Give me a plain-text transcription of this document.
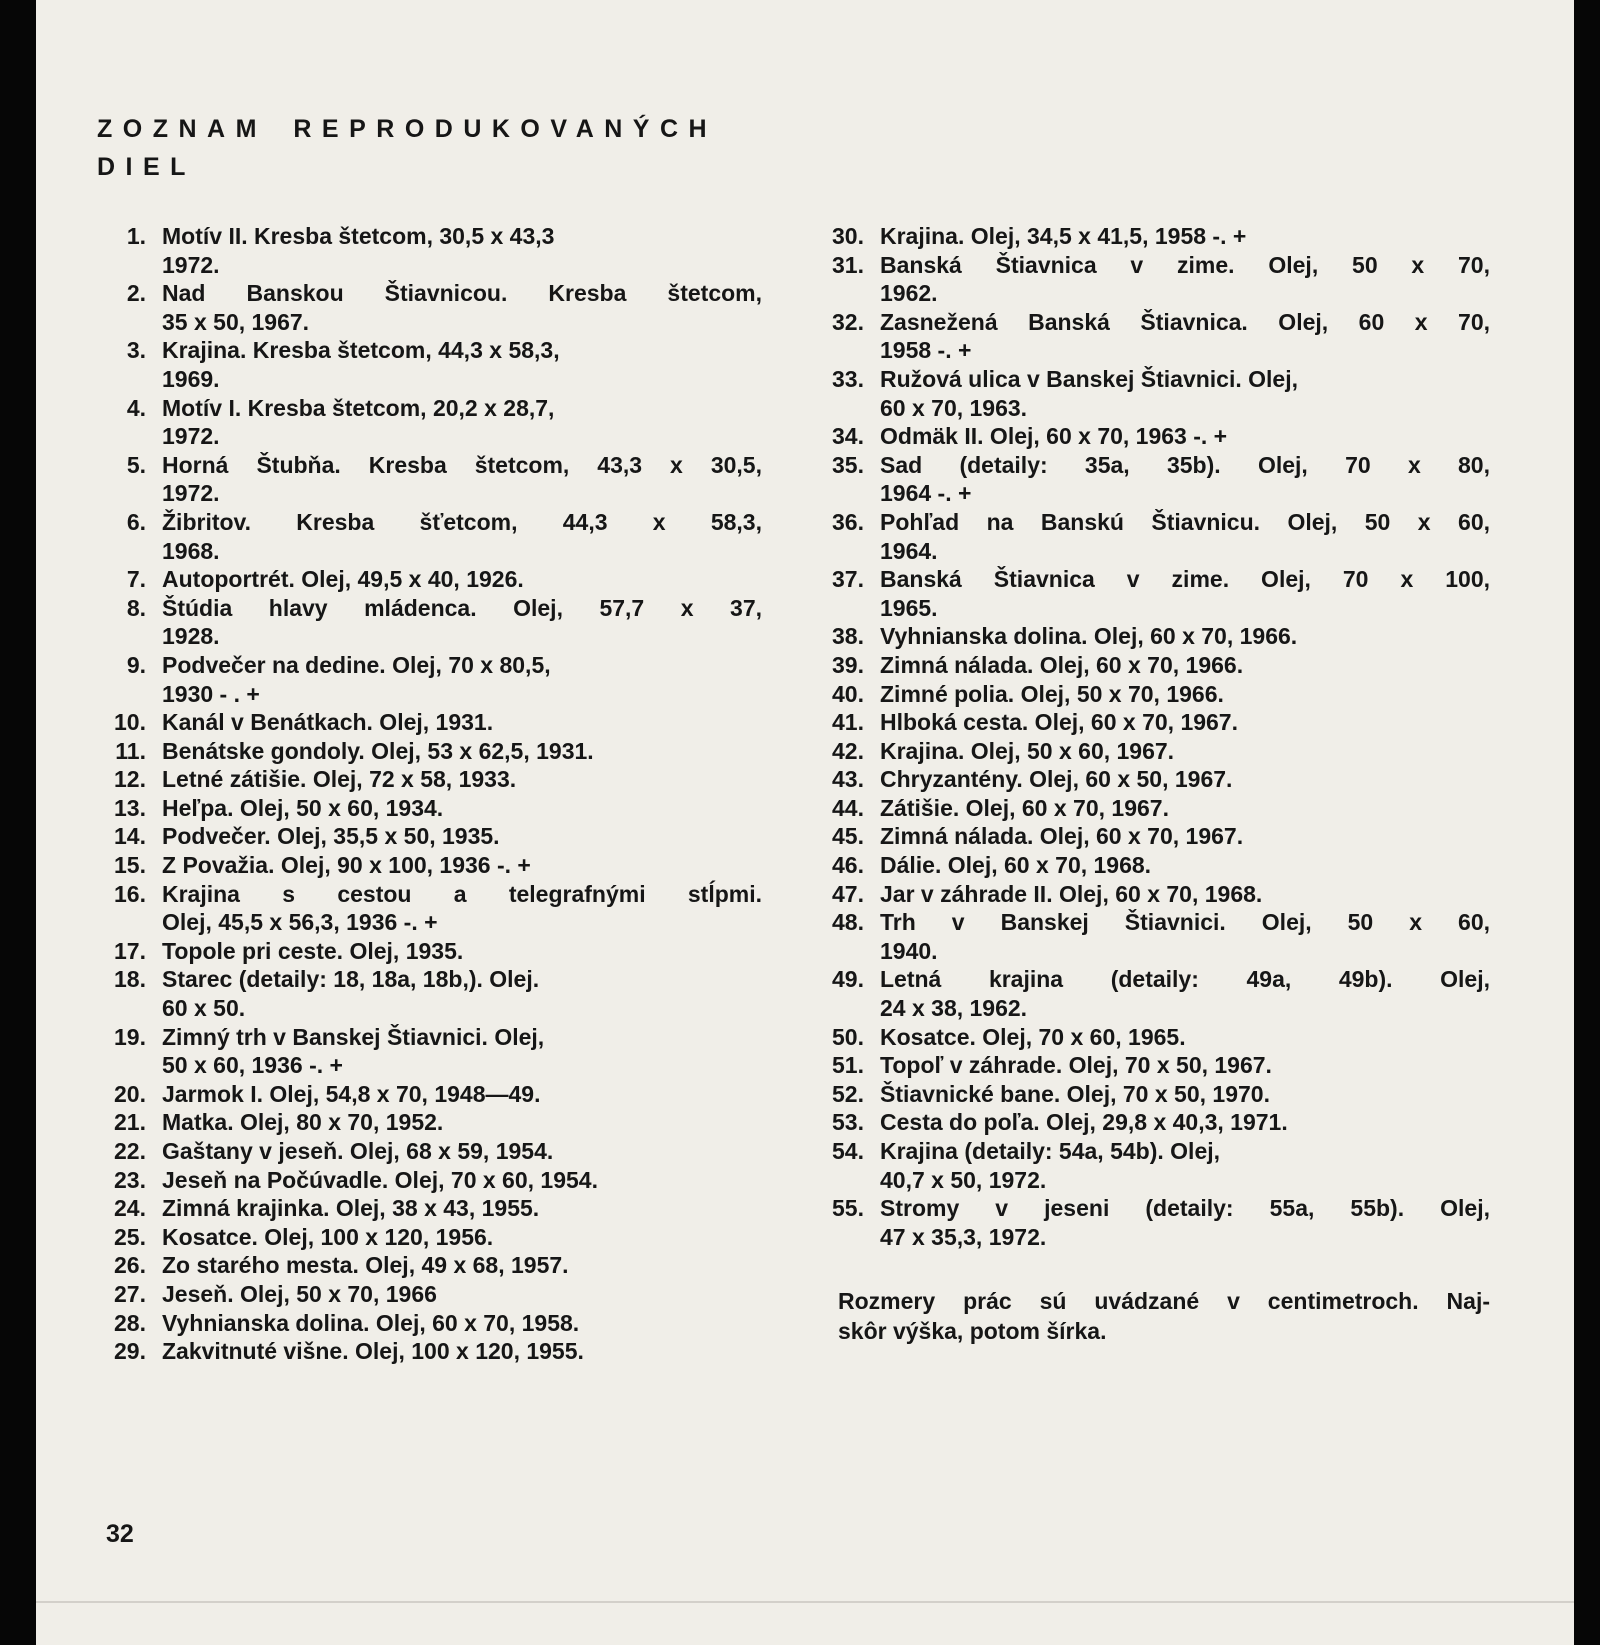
ZOZNAM REPRODUKOVANÝCH
DIEL
1. Motív II. Kresba štetcom, 30,5 x 43,3
1972.
2. Nad Banskou Štiavnicou. Kresba štetcom,
35 x 50, 1967.
3. Krajina. Kresba štetcom, 44,3 x 58,3,
1969.
4. Motív I. Kresba štetcom, 20,2 x 28,7,
1972.
5. Horná Štubňa. Kresba štetcom, 43,3 x 30,5,
1972.
6. Žibritov. Kresba šťetcom, 44,3 x 58,3,
1968.
7. Autoportrét. Olej, 49,5 x 40, 1926.
8. Štúdia hlavy mládenca. Olej, 57,7 x 37,
1928.
9. Podvečer na dedine. Olej, 70 x 80,5,
1930 - . +
10. Kanál v Benátkach. Olej, 1931.
11. Benátske gondoly. Olej, 53 x 62,5, 1931.
12. Letné zátišie. Olej, 72 x 58, 1933.
13. Heľpa. Olej, 50 x 60, 1934.
14. Podvečer. Olej, 35,5 x 50, 1935.
15. Z Považia. Olej, 90 x 100, 1936 -. +
16. Krajina s cestou a telegrafnými stĺpmi.
Olej, 45,5 x 56,3, 1936 -. +
17. Topole pri ceste. Olej, 1935.
18. Starec (detaily: 18, 18a, 18b,). Olej.
60 x 50.
19. Zimný trh v Banskej Štiavnici. Olej,
50 x 60, 1936 -. +
20. Jarmok I. Olej, 54,8 x 70, 1948—49.
21. Matka. Olej, 80 x 70, 1952.
22. Gaštany v jeseň. Olej, 68 x 59, 1954.
23. Jeseň na Počúvadle. Olej, 70 x 60, 1954.
24. Zimná krajinka. Olej, 38 x 43, 1955.
25. Kosatce. Olej, 100 x 120, 1956.
26. Zo starého mesta. Olej, 49 x 68, 1957.
27. Jeseň. Olej, 50 x 70, 1966
28. Vyhnianska dolina. Olej, 60 x 70, 1958.
29. Zakvitnuté višne. Olej, 100 x 120, 1955.
30. Krajina. Olej, 34,5 x 41,5, 1958 -. +
31. Banská Štiavnica v zime. Olej, 50 x 70,
1962.
32. Zasnežená Banská Štiavnica. Olej, 60 x 70,
1958 -. +
33. Ružová ulica v Banskej Štiavnici. Olej,
60 x 70, 1963.
34. Odmäk II. Olej, 60 x 70, 1963 -. +
35. Sad (detaily: 35a, 35b). Olej, 70 x 80,
1964 -. +
36. Pohľad na Banskú Štiavnicu. Olej, 50 x 60,
1964.
37. Banská Štiavnica v zime. Olej, 70 x 100,
1965.
38. Vyhnianska dolina. Olej, 60 x 70, 1966.
39. Zimná nálada. Olej, 60 x 70, 1966.
40. Zimné polia. Olej, 50 x 70, 1966.
41. Hlboká cesta. Olej, 60 x 70, 1967.
42. Krajina. Olej, 50 x 60, 1967.
43. Chryzantény. Olej, 60 x 50, 1967.
44. Zátišie. Olej, 60 x 70, 1967.
45. Zimná nálada. Olej, 60 x 70, 1967.
46. Dálie. Olej, 60 x 70, 1968.
47. Jar v záhrade II. Olej, 60 x 70, 1968.
48. Trh v Banskej Štiavnici. Olej, 50 x 60,
1940.
49. Letná krajina (detaily: 49a, 49b). Olej,
24 x 38, 1962.
50. Kosatce. Olej, 70 x 60, 1965.
51. Topoľ v záhrade. Olej, 70 x 50, 1967.
52. Štiavnické bane. Olej, 70 x 50, 1970.
53. Cesta do poľa. Olej, 29,8 x 40,3, 1971.
54. Krajina (detaily: 54a, 54b). Olej,
40,7 x 50, 1972.
55. Stromy v jeseni (detaily: 55a, 55b). Olej,
47 x 35,3, 1972.
Rozmery prác sú uvádzané v centimetroch. Naj-
skôr výška, potom šírka.
32
